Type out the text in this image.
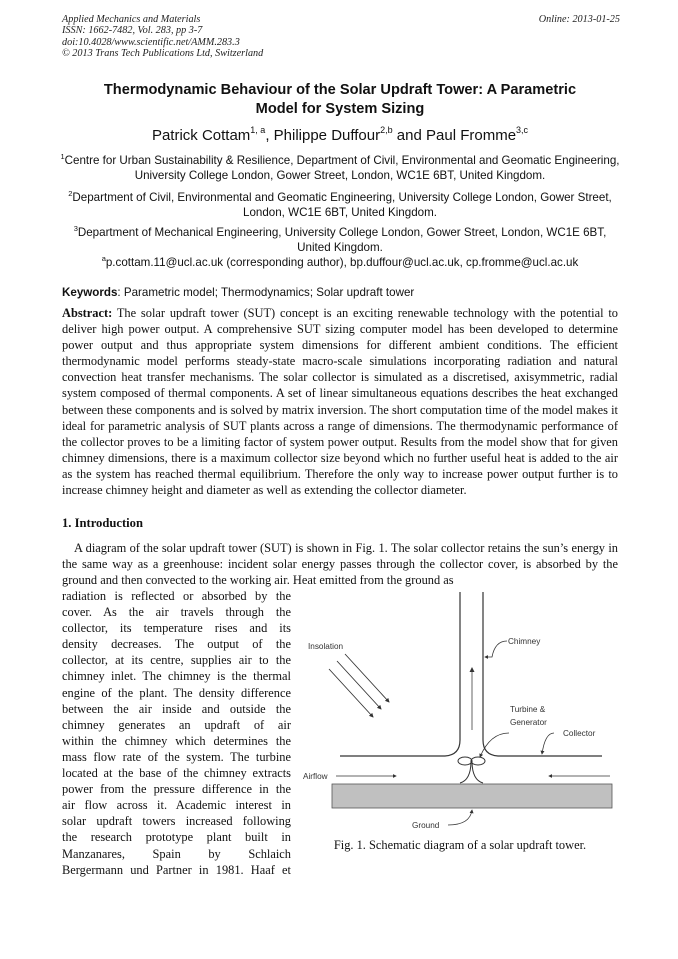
Applied Mechanics and Materials
ISSN: 1662-7482, Vol. 283, pp 3-7
doi:10.4028/www.scientific.net/AMM.283.3
© 2013 Trans Tech Publications Ltd, Switzerland
Online: 2013-01-25
Thermodynamic Behaviour of the Solar Updraft Tower: A Parametric
Model for System Sizing
Patrick Cottam$^{1, a}$, Philippe Duffour$^{2,b}$ and Paul Fromme$^{3,c}$
$^1$Centre for Urban Sustainability & Resilience, Department of Civil, Environmental and Geomatic Engineering, University College London, Gower Street, London, WC1E 6BT, United Kingdom.
$^2$Department of Civil, Environmental and Geomatic Engineering, University College London, Gower Street, London, WC1E 6BT, United Kingdom.
$^3$Department of Mechanical Engineering, University College London, Gower Street, London, WC1E 6BT, United Kingdom.
$^a$p.cottam.11@ucl.ac.uk (corresponding author), bp.duffour@ucl.ac.uk, cp.fromme@ucl.ac.uk
Keywords: Parametric model; Thermodynamics; Solar updraft tower
Abstract: The solar updraft tower (SUT) concept is an exciting renewable technology with the potential to deliver high power output. A comprehensive SUT sizing computer model has been developed to determine power output and thus appropriate system dimensions for different ambient conditions. The efficient thermodynamic model performs steady-state macro-scale simulations incorporating radiation and natural convection heat transfer mechanisms. The solar collector is simulated as a discretised, axisymmetric, radial system composed of thermal components. A set of linear simultaneous equations describes the heat exchanged between these components and is solved by matrix inversion. The short computation time of the model makes it ideal for parametric analysis of SUT plants across a range of dimensions. The thermodynamic performance of the collector proves to be a limiting factor of system power output. Results from the model show that for given chimney dimensions, there is a maximum collector size beyond which no further useful heat is added to the air as the system has reached thermal equilibrium. Therefore the only way to increase power output further is to increase chimney height and diameter as well as extending the collector diameter.
1. Introduction
A diagram of the solar updraft tower (SUT) is shown in Fig. 1. The solar collector retains the sun’s energy in the same way as a greenhouse: incident solar energy passes through the collector cover, is absorbed by the ground and then convected to the working air. Heat emitted from the ground as
radiation is reflected or absorbed by the
cover. As the air travels through the
collector, its temperature rises and its
density decreases. The output of the
collector, at its centre, supplies air to the
chimney inlet. The chimney is the thermal
engine of the plant. The density difference
between the air inside and outside the
chimney generates an updraft of air
within the chimney which determines the
mass flow rate of the system. The turbine
located at the base of the chimney extracts
power from the pressure difference in the
air flow across it. Academic interest in
solar updraft towers increased following
the research prototype plant built in
Manzanares, Spain by Schlaich
Bergermann und Partner in 1981. Haaf et
Insolation
Chimney
Turbine &
Generator
Collector
Airflow
Ground
Fig. 1. Schematic diagram of a solar updraft tower.
